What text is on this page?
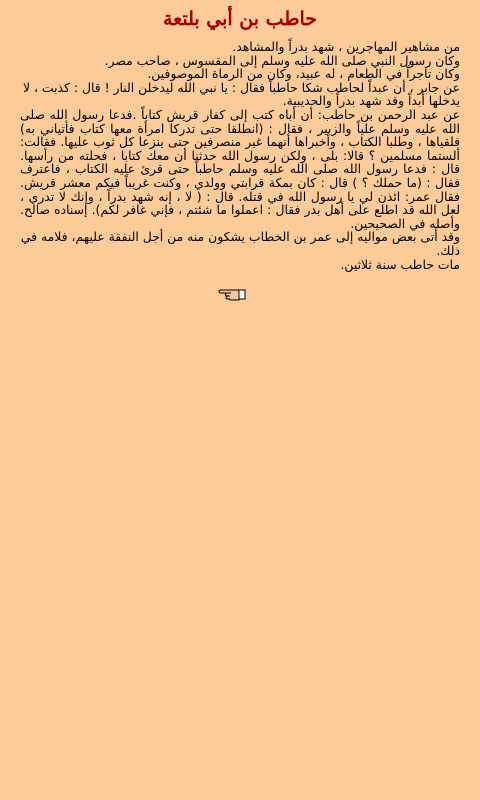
حاطب بن أبي بلتعة

من مشاهير المهاجرين ، شهد بدراً والمشاهد.

وكان رسول النبي صلى الله عليه وسلم إلى المقسوس ، صاحب مصر.

وكان تاجراً في الطعام ، له عبيد، وكان من الرماة الموصوفين.

عن جابر ، أن عبداً لحاطب شكا حاطباً فقال : يا نبي الله ليدخلن النار ! قال : كذبت ، لا يدخلها أبداً وقد شهد بدراً والحديبية.

عن عبد الرحمن بن حاطب: أن أباه كتب إلى كفار قريش كتاباً .فدعا رسول الله صلى الله عليه وسلم علياً والزبير ، فقال : (انطلقا حتى تدركا امرأة معها كتاب فأتياني به) فلقياها ، وطلبا الكتاب ، وأخبراها أنهما غير منصرفين حتى ينزعا كل ثوب عليها. فقالت: ألستما مسلمين ؟ قالا: بلى ، ولكن رسول الله حدثنا أن معك كتابا ، فحلته من رأسها. قال : فدعا رسول الله صلى الله عليه وسلم حاطباً حتى قرئ عليه الكتاب ، فاعترف فقال : (ما حملك ؟ ) قال : كان بمكة قرابتي وولدي ، وكنت غريباً فيكم معشر قريش. فقال عمر: ائذن لي يا رسول الله في قتله. قال : ( لا ، إنه شهد بدراً ، وإنك لا تدري ، لعل الله قد اطلع على أهل بدر فقال : اعملوا ما شئتم ، فإني غافر لكم). إسناده صالح. وأصله في الصحيحين.

وقد أتى بعض مواليه إلى عمر بن الخطاب يشكون منه من أجل النفقة عليهم، فلامه في ذلك.

مات حاطب سنة ثلاثين.
